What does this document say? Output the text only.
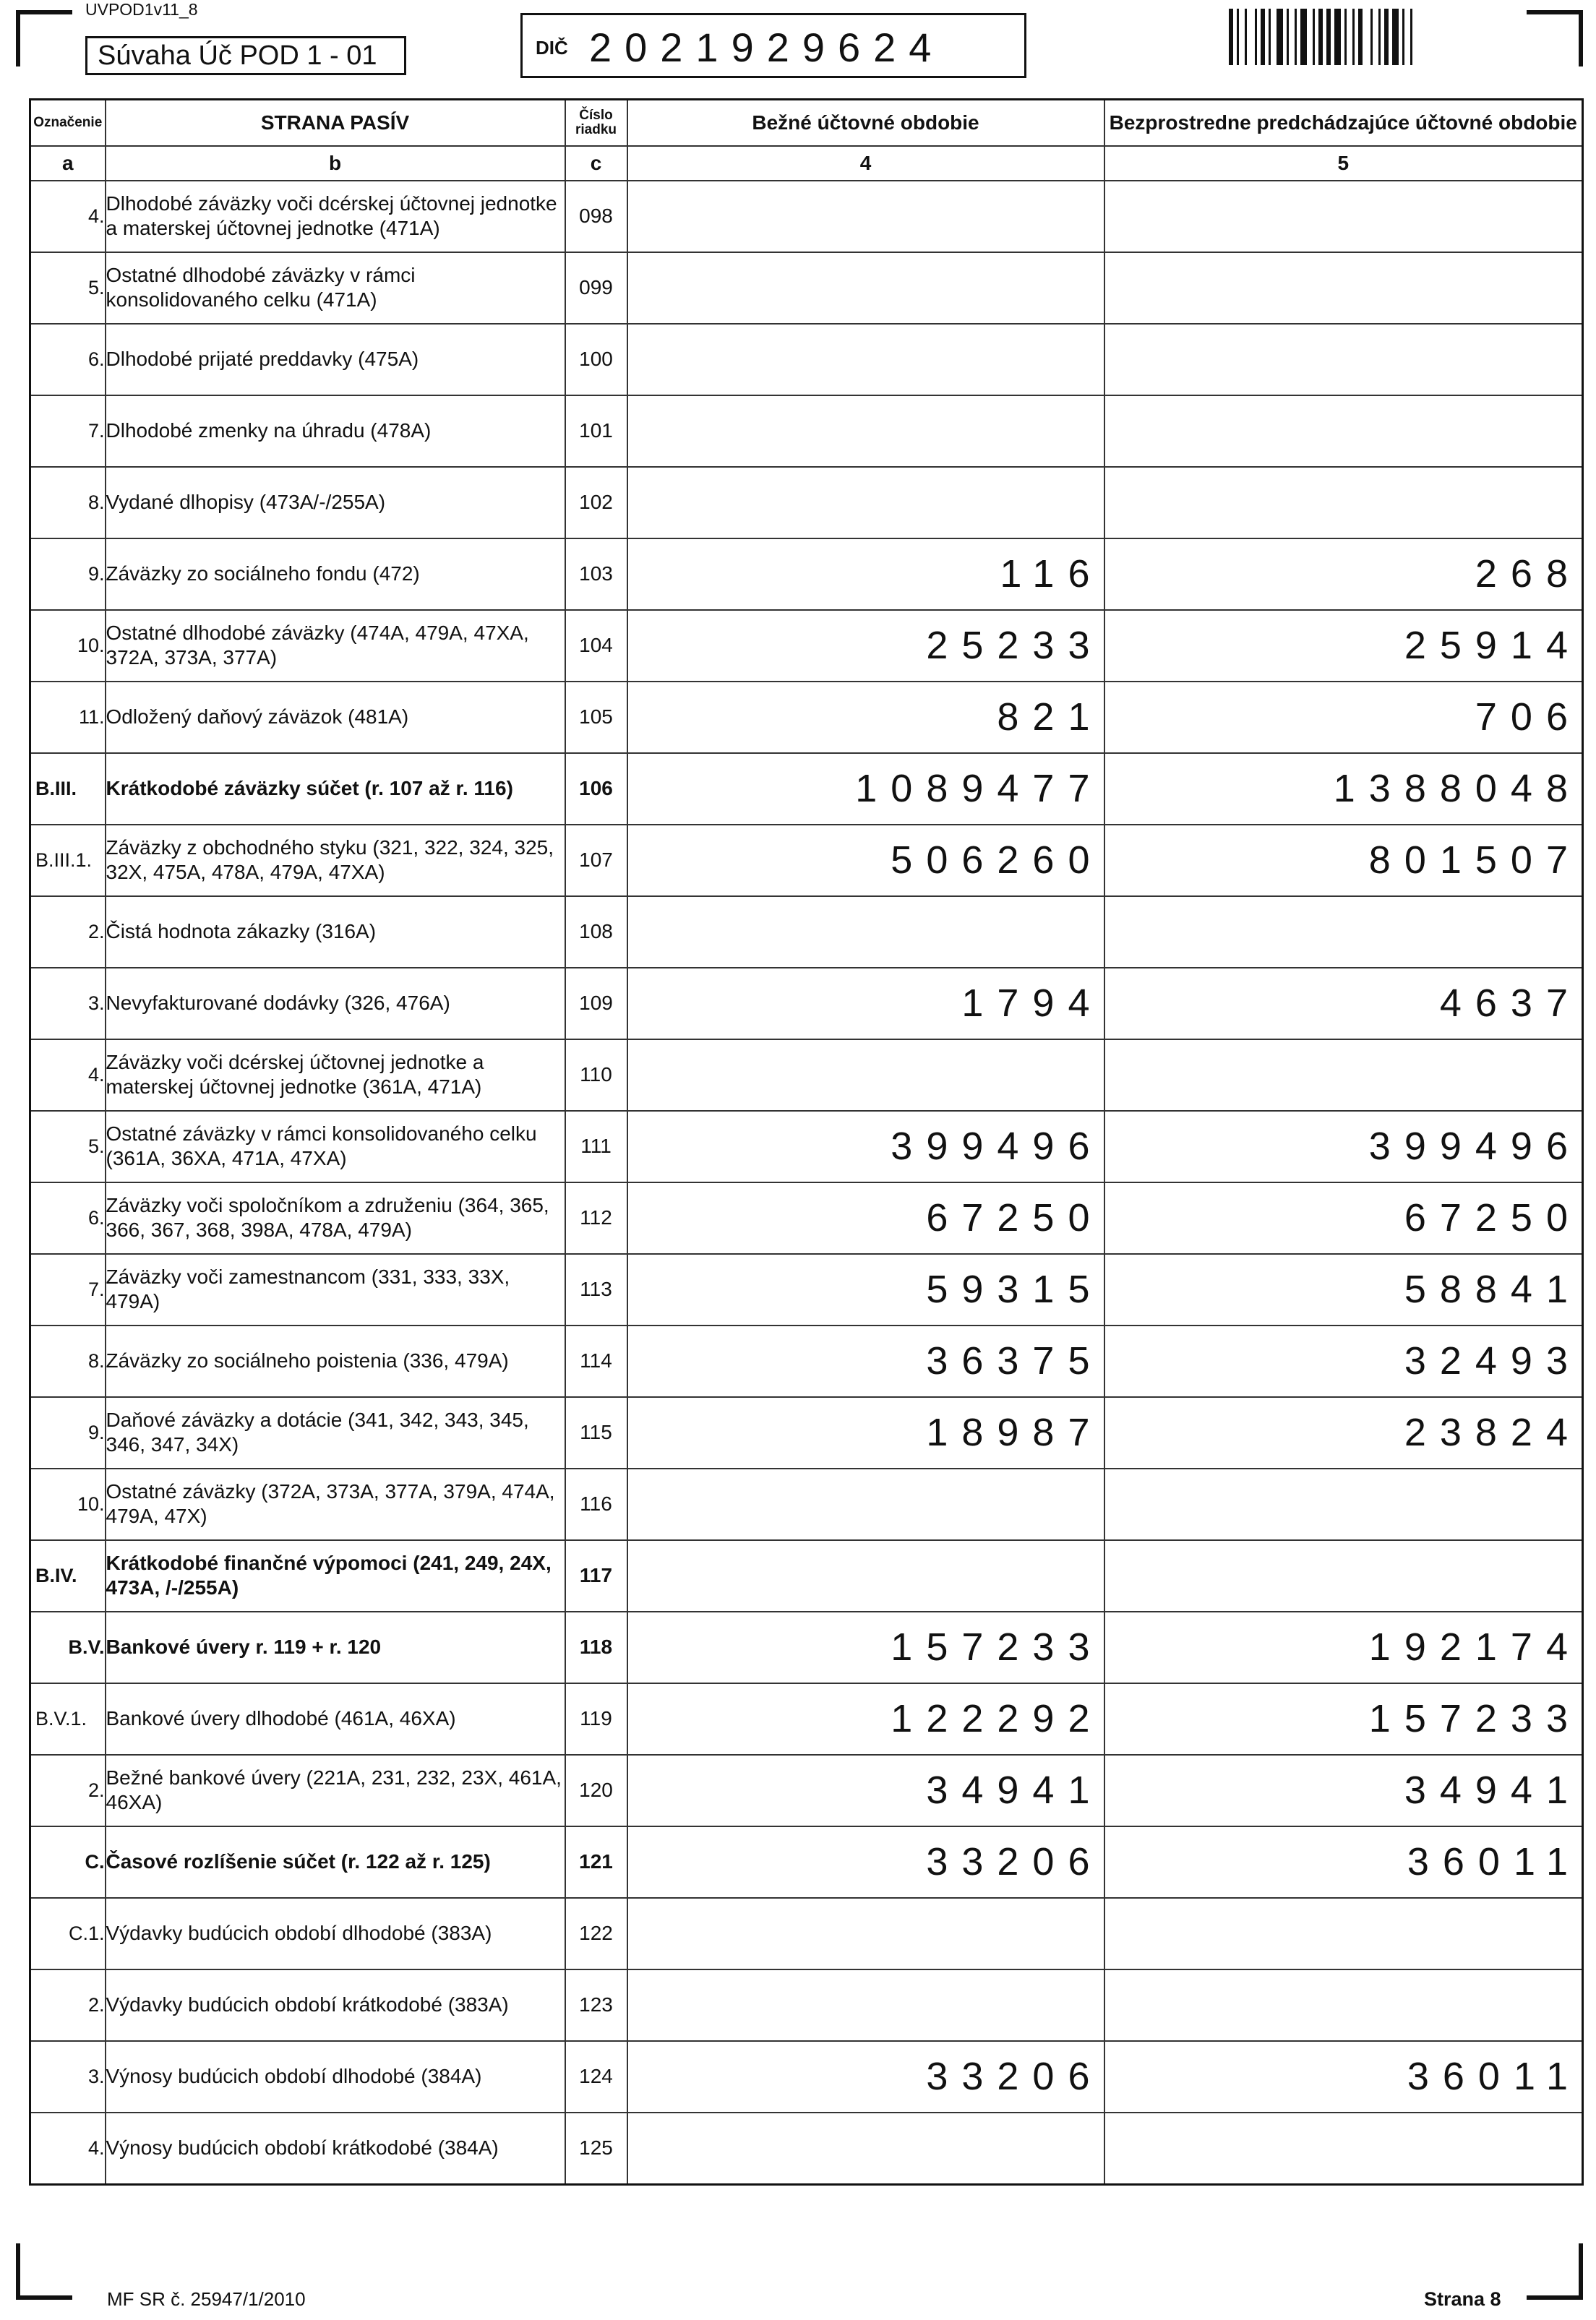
UVPOD1v11_8
Súvaha Úč POD 1 - 01	DIČ 2021929624
Označenie	STRANA PASÍV	Číslo riadku	Bežné účtovné obdobie	Bezprostredne predchádzajúce účtovné obdobie
a	b	c	4	5
4.	Dlhodobé záväzky voči dcérskej účtovnej jednotke a materskej účtovnej jednotke (471A)	098		
5.	Ostatné dlhodobé záväzky v rámci konsolidovaného celku (471A)	099		
6.	Dlhodobé prijaté preddavky (475A)	100		
7.	Dlhodobé zmenky na úhradu (478A)	101		
8.	Vydané dlhopisy (473A/-/255A)	102		
9.	Záväzky zo sociálneho fondu (472)	103	116	268
10.	Ostatné dlhodobé záväzky (474A, 479A, 47XA, 372A, 373A, 377A)	104	25233	25914
11.	Odložený daňový záväzok (481A)	105	821	706
B.III.	Krátkodobé záväzky súčet (r. 107 až r. 116)	106	1089477	1388048
B.III.1.	Záväzky z obchodného styku (321, 322, 324, 325, 32X, 475A, 478A, 479A, 47XA)	107	506260	801507
2.	Čistá hodnota zákazky (316A)	108		
3.	Nevyfakturované dodávky (326, 476A)	109	1794	4637
4.	Záväzky voči dcérskej účtovnej jednotke a materskej účtovnej jednotke (361A, 471A)	110		
5.	Ostatné záväzky v rámci konsolidovaného celku (361A, 36XA, 471A, 47XA)	111	399496	399496
6.	Záväzky voči spoločníkom a združeniu (364, 365, 366, 367, 368, 398A, 478A, 479A)	112	67250	67250
7.	Záväzky voči zamestnancom (331, 333, 33X, 479A)	113	59315	58841
8.	Záväzky zo sociálneho poistenia (336, 479A)	114	36375	32493
9.	Daňové záväzky a dotácie (341, 342, 343, 345, 346, 347, 34X)	115	18987	23824
10.	Ostatné záväzky (372A, 373A, 377A, 379A, 474A, 479A, 47X)	116		
B.IV.	Krátkodobé finančné výpomoci (241, 249, 24X, 473A, /-/255A)	117		
B.V.	Bankové úvery r. 119 + r. 120	118	157233	192174
B.V.1.	Bankové úvery dlhodobé (461A, 46XA)	119	122292	157233
2.	Bežné bankové úvery (221A, 231, 232, 23X, 461A, 46XA)	120	34941	34941
C.	Časové rozlíšenie súčet (r. 122 až r. 125)	121	33206	36011
C.1.	Výdavky budúcich období dlhodobé (383A)	122		
2.	Výdavky budúcich období krátkodobé (383A)	123		
3.	Výnosy budúcich období dlhodobé (384A)	124	33206	36011
4.	Výnosy budúcich období krátkodobé (384A)	125		
MF SR č. 25947/1/2010	Strana 8
